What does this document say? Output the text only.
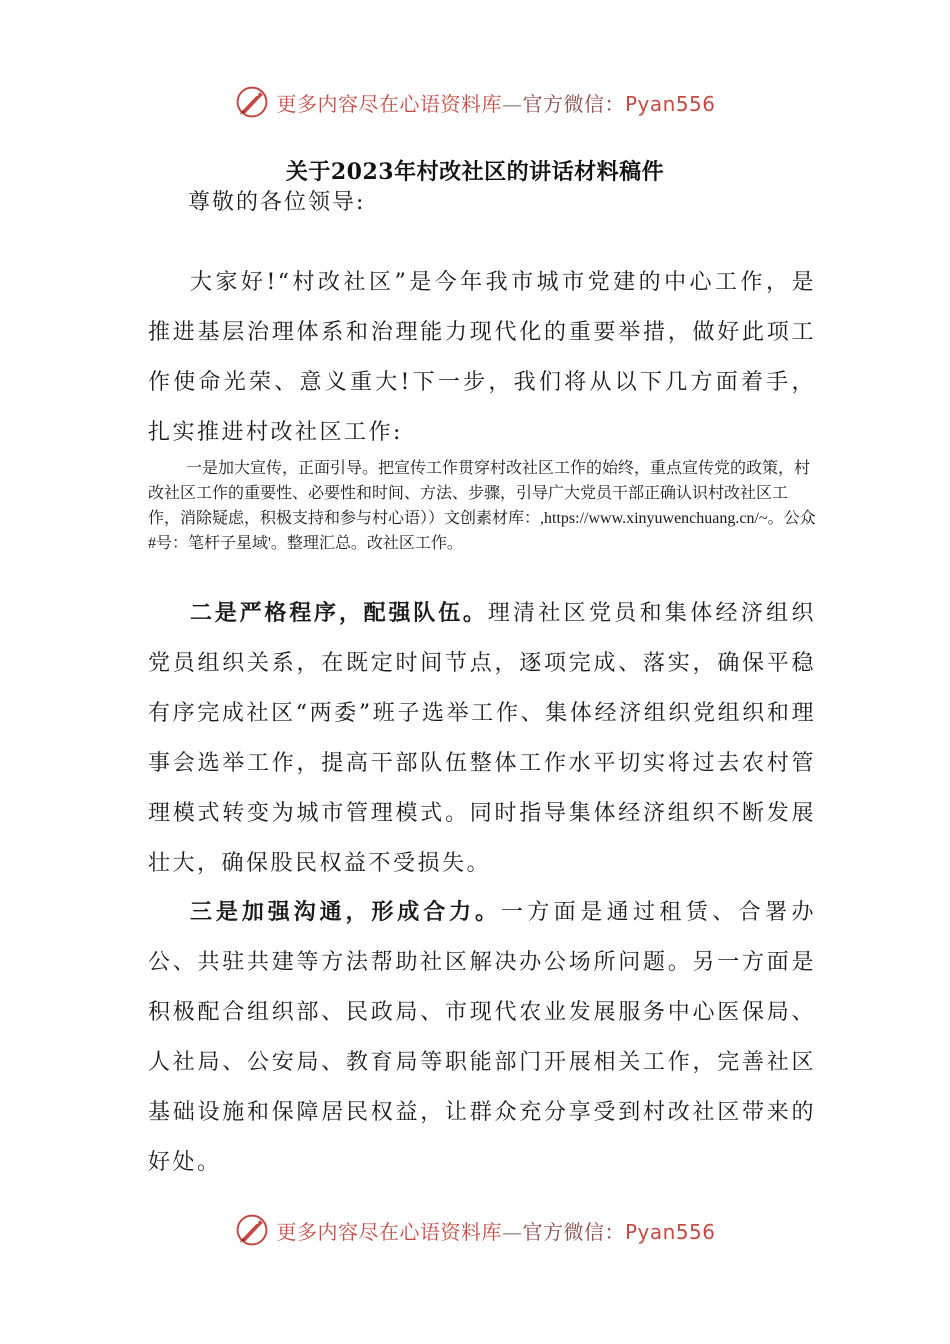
更多内容尽在心语资料库—官方微信：Pyan556
关于2023年村改社区的讲话材料稿件
尊敬的各位领导:

大家好!“村改社区”是今年我市城市党建的中心工作，是推进基层治理体系和治理能力现代化的重要举措，做好此项工作使命光荣、意义重大!下一步，我们将从以下几方面着手，扎实推进村改社区工作:

一是加大宣传，正面引导。把宣传工作贯穿村改社区工作的始终，重点宣传党的政策，村改社区工作的重要性、必要性和时间、方法、步骤，引导广大党员干部正确认识村改社区工作，消除疑虑，积极支持和参与村心语））文创素材库：,https://www.xinyuwenchuang.cn/~。公众#号：笔杆子星域'。整理汇总。改社区工作。

二是严格程序，配强队伍。理清社区党员和集体经济组织党员组织关系，在既定时间节点，逐项完成、落实，确保平稳有序完成社区“两委”班子选举工作、集体经济组织党组织和理事会选举工作，提高干部队伍整体工作水平切实将过去农村管理模式转变为城市管理模式。同时指导集体经济组织不断发展壮大，确保股民权益不受损失。

三是加强沟通，形成合力。一方面是通过租赁、合署办公、共驻共建等方法帮助社区解决办公场所问题。另一方面是积极配合组织部、民政局、市现代农业发展服务中心医保局、人社局、公安局、教育局等职能部门开展相关工作，完善社区基础设施和保障居民权益，让群众充分享受到村改社区带来的好处。

更多内容尽在心语资料库—官方微信：Pyan556
